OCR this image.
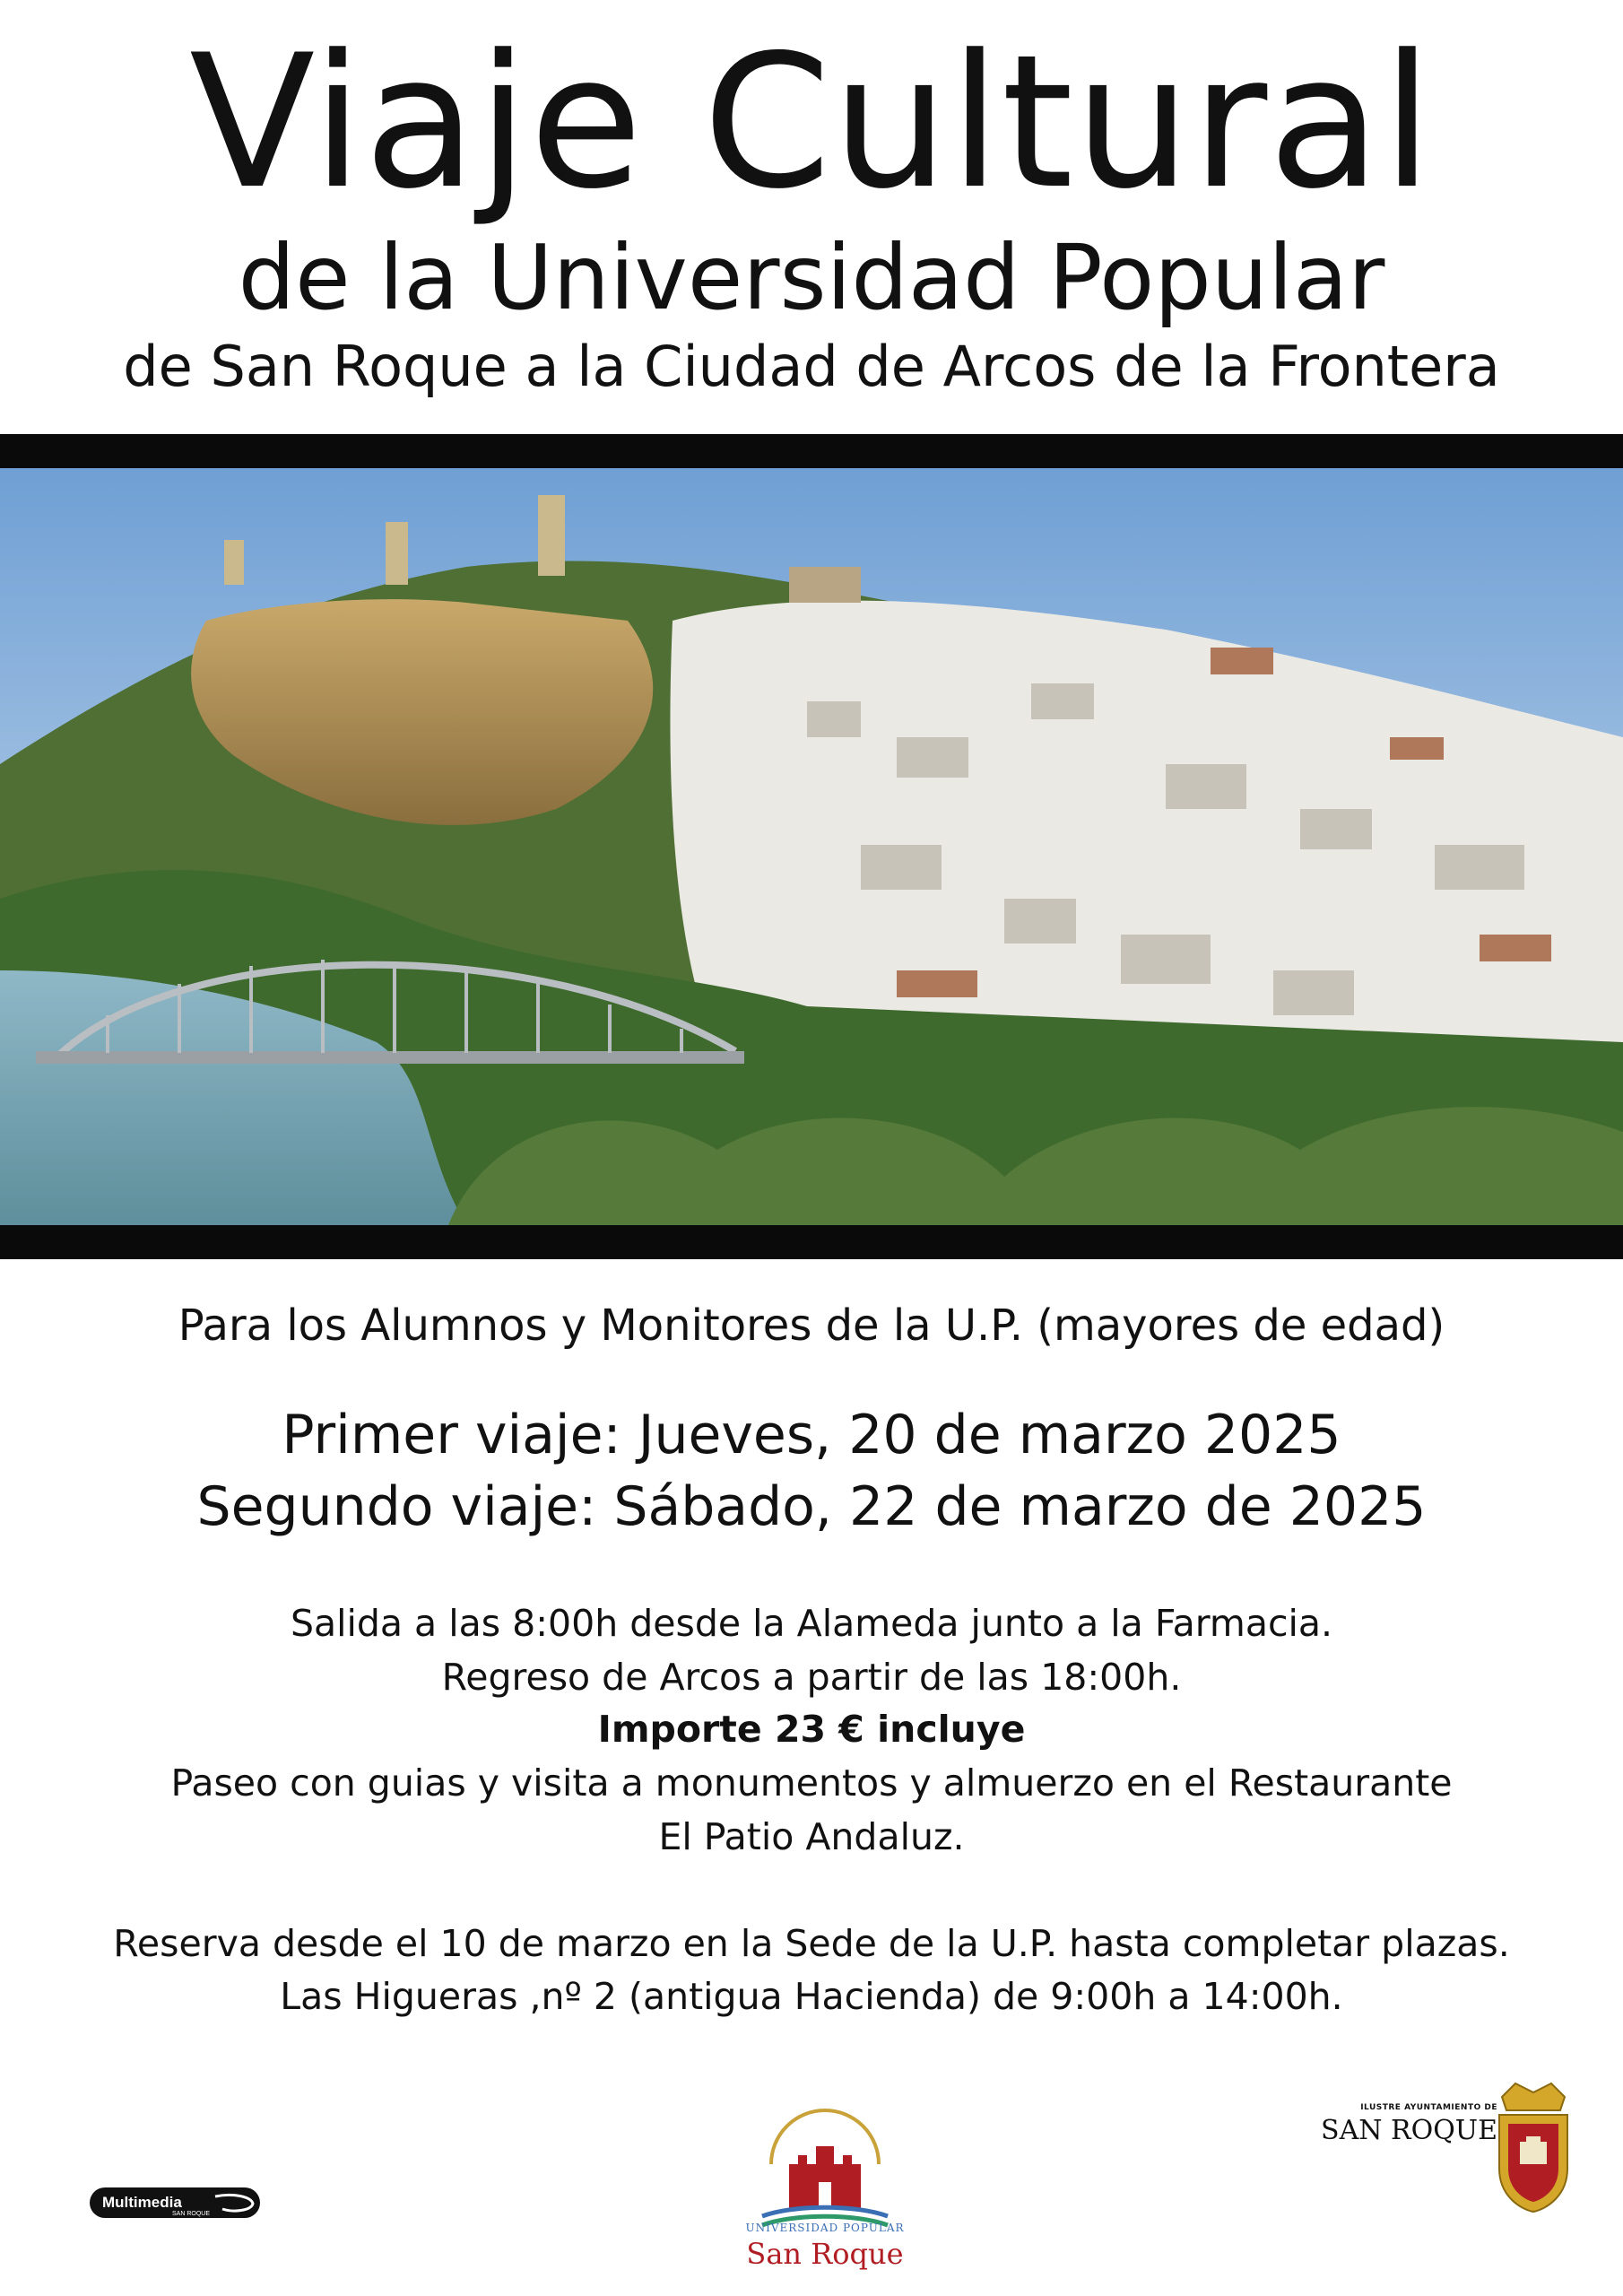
Viaje Cultural
de la Universidad Popular
de San Roque a la Ciudad de Arcos de la Frontera
Para los Alumnos y Monitores de la U.P. (mayores de edad)
Primer viaje: Jueves, 20 de marzo 2025
Segundo viaje: Sábado, 22 de marzo de 2025
Salida a las 8:00h desde la Alameda junto a la Farmacia.
Regreso de Arcos a partir de las 18:00h.
Importe 23 € incluye
Paseo con guias y visita a monumentos y almuerzo en el Restaurante
El Patio Andaluz.
Reserva desde el 10 de marzo en la Sede de la U.P. hasta completar plazas.
Las Higueras ,nº 2 (antigua Hacienda) de 9:00h a 14:00h.
UNIVERSIDAD POPULAR
San Roque
ILUSTRE AYUNTAMIENTO DE
SAN ROQUE
Multimedia
SAN ROQUE
